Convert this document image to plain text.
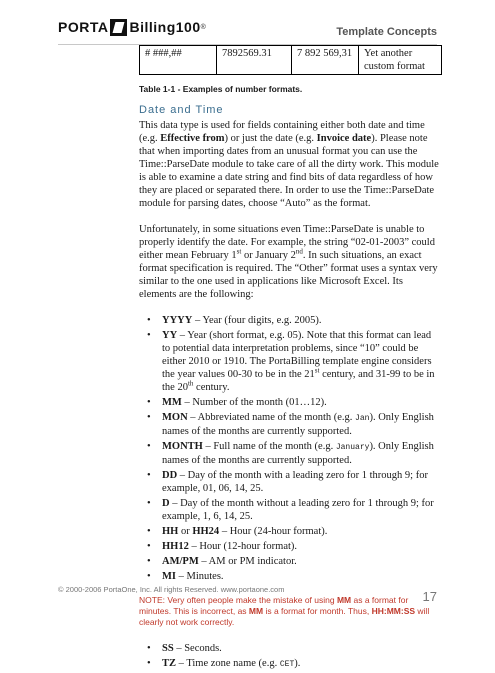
PORTA Billing100 ®	Template Concepts
# ###,##	7892569.31	7 892 569,31	Yet another custom format
Table 1-1 - Examples of number formats.
Date and Time

This data type is used for fields containing either both date and time (e.g. Effective from) or just the date (e.g. Invoice date). Please note that when importing dates from an unusual format you can use the Time::ParseDate module to take care of all the dirty work. This module is able to examine a date string and find bits of data regardless of how they are placed or separated there. In order to use the Time::ParseDate module for parsing dates, choose “Auto” as the format.

Unfortunately, in some situations even Time::ParseDate is unable to properly identify the date. For example, the string “02-01-2003” could either mean February 1st or January 2nd. In such situations, an exact format specification is required. The “Other” format uses a syntax very similar to the one used in applications like Microsoft Excel. Its elements are the following:

• YYYY – Year (four digits, e.g. 2005).
• YY – Year (short format, e.g. 05). Note that this format can lead to potential data interpretation problems, since “10” could be either 2010 or 1910. The PortaBilling template engine considers the year values 00-30 to be in the 21st century, and 31-99 to be in the 20th century.
• MM – Number of the month (01…12).
• MON – Abbreviated name of the month (e.g. Jan). Only English names of the months are currently supported.
• MONTH – Full name of the month (e.g. January). Only English names of the months are currently supported.
• DD – Day of the month with a leading zero for 1 through 9; for example, 01, 06, 14, 25.
• D – Day of the month without a leading zero for 1 through 9; for example, 1, 6, 14, 25.
• HH or HH24 – Hour (24-hour format).
• HH12 – Hour (12-hour format).
• AM/PM – AM or PM indicator.
• MI – Minutes.

NOTE: Very often people make the mistake of using MM as a format for minutes. This is incorrect, as MM is a format for month. Thus, HH:MM:SS will clearly not work correctly.

• SS – Seconds.
• TZ – Time zone name (e.g. CET).
© 2000-2006 PortaOne, Inc. All rights Reserved. www.portaone.com	17
